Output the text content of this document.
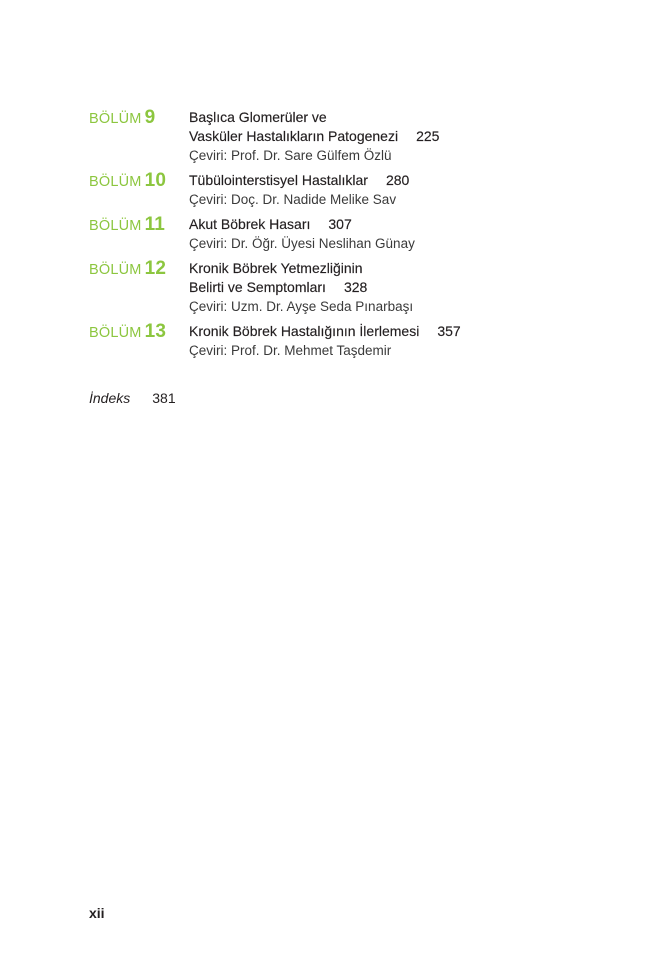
BÖLÜM 9	Başlıca Glomerüler ve
Vasküler Hastalıkların Patogenezi 225
Çeviri: Prof. Dr. Sare Gülfem Özlü
BÖLÜM 10	Tübülointerstisyel Hastalıklar 280
Çeviri: Doç. Dr. Nadide Melike Sav
BÖLÜM 11	Akut Böbrek Hasarı 307
Çeviri: Dr. Öğr. Üyesi Neslihan Günay
BÖLÜM 12	Kronik Böbrek Yetmezliğinin
Belirti ve Semptomları 328
Çeviri: Uzm. Dr. Ayşe Seda Pınarbaşı
BÖLÜM 13	Kronik Böbrek Hastalığının İlerlemesi 357
Çeviri: Prof. Dr. Mehmet Taşdemir
İndeks 381
xii
